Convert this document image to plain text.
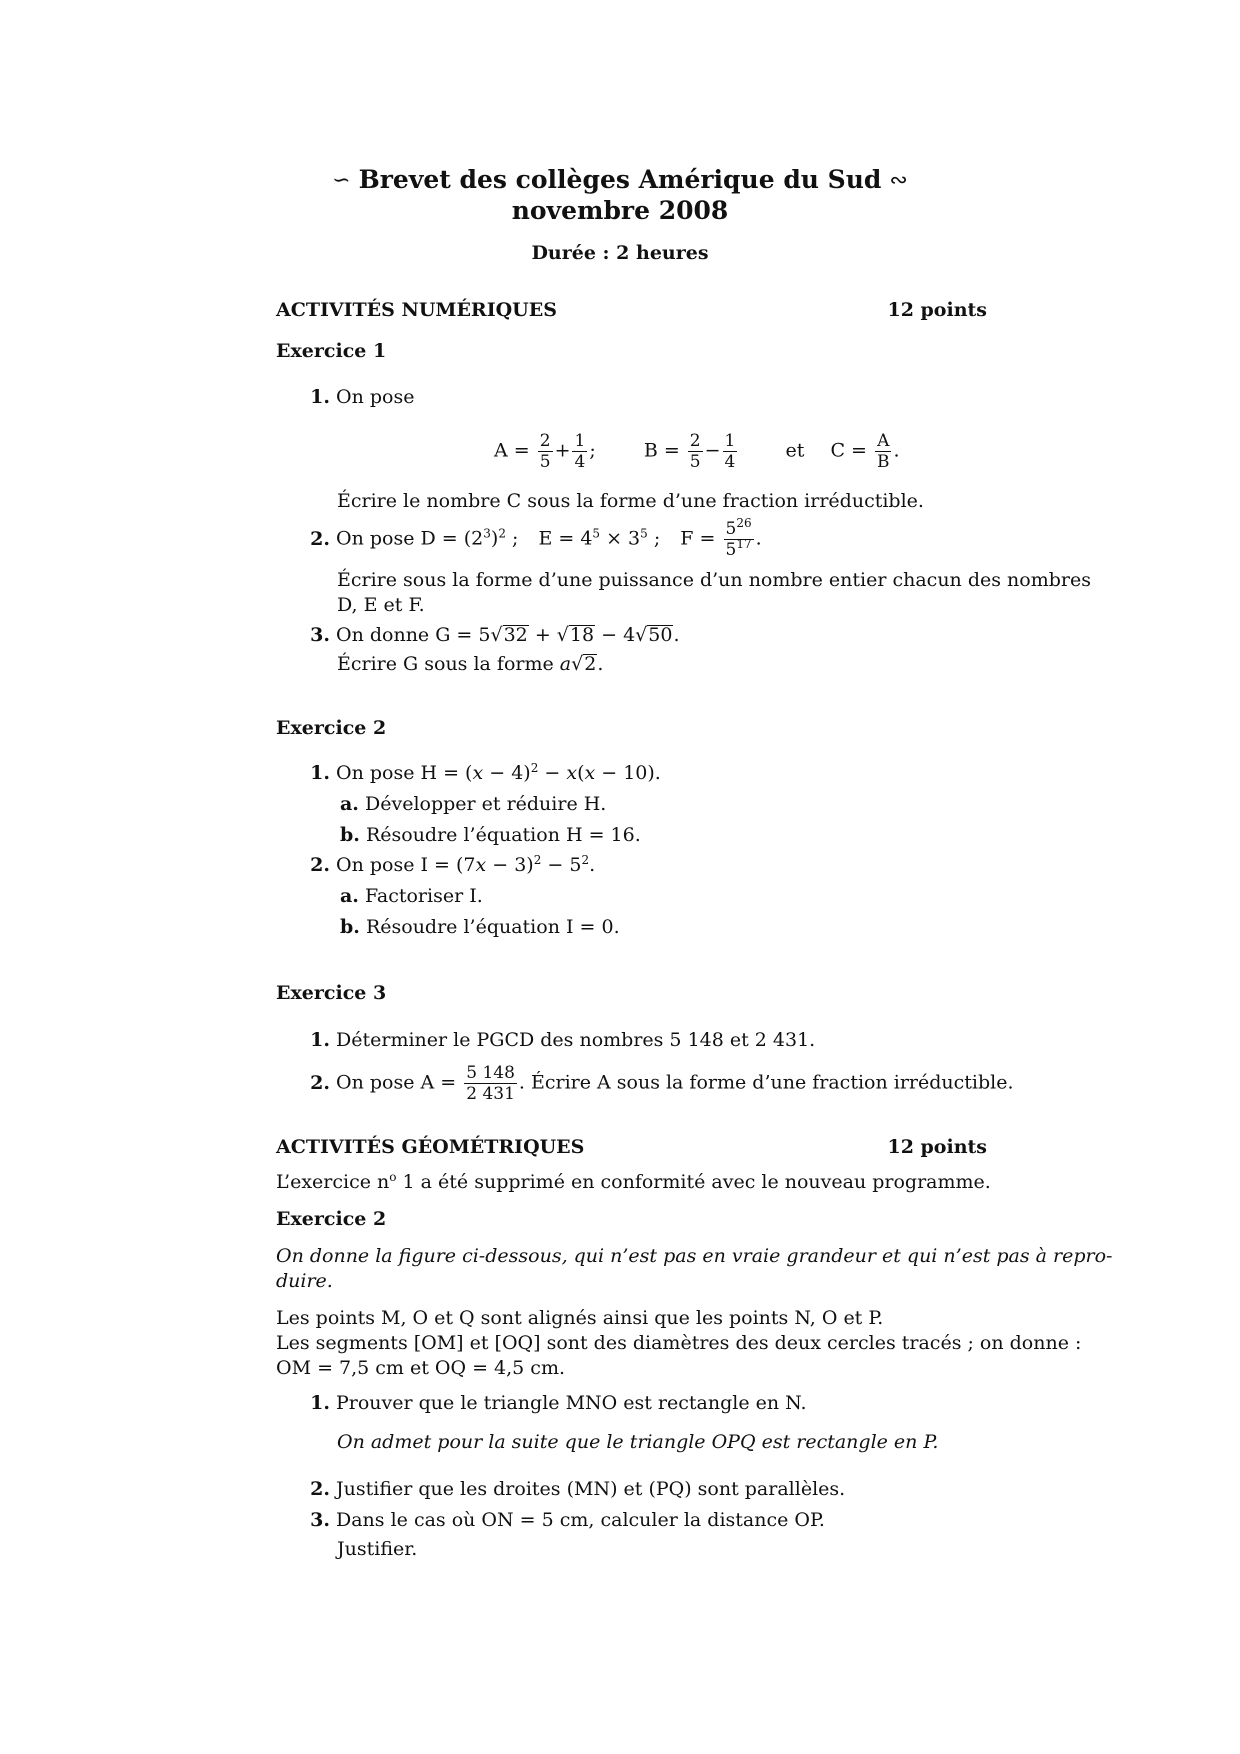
∽ Brevet des collèges Amérique du Sud ∾
novembre 2008
Durée : 2 heures
ACTIVITÉS NUMÉRIQUES	12 points
Exercice 1
1. On pose
$A = \frac{2}{5} + \frac{1}{4}$ ;	$B = \frac{2}{5} - \frac{1}{4}$	et $C = \frac{A}{B}$ .
Écrire le nombre C sous la forme d’une fraction irréductible.
2. On pose $D = (2^3)^2$ ; $E = 4^5 \times 3^5$ ; $F = \frac{5^{26}}{5^{17}}$ .
Écrire sous la forme d’une puissance d’un nombre entier chacun des nombres
D, E et F.
3. On donne G = 5√32 + √18 − 4√50.
Écrire G sous la forme a√2.
Exercice 2
1. On pose $H = (x - 4)^2 - x(x - 10)$.
a. Développer et réduire H.
b. Résoudre l’équation H = 16.
2. On pose $I = (7x - 3)^2 - 5^2$.
a. Factoriser I.
b. Résoudre l’équation I = 0.
Exercice 3
1. Déterminer le PGCD des nombres 5 148 et 2 431.
2. On pose $A = \frac{5 148}{2 431}$ . Écrire A sous la forme d’une fraction irréductible.
ACTIVITÉS GÉOMÉTRIQUES	12 points
L’exercice $n^o$ 1 a été supprimé en conformité avec le nouveau programme.
Exercice 2
On donne la figure ci-dessous, qui n’est pas en vraie grandeur et qui n’est pas à repro-
duire.
Les points M, O et Q sont alignés ainsi que les points N, O et P.
Les segments [OM] et [OQ] sont des diamètres des deux cercles tracés ; on donne :
OM = 7,5 cm et OQ = 4,5 cm.
1. Prouver que le triangle MNO est rectangle en N.
On admet pour la suite que le triangle OPQ est rectangle en P.
2. Justifier que les droites (MN) et (PQ) sont parallèles.
3. Dans le cas où ON = 5 cm, calculer la distance OP.
Justifier.
